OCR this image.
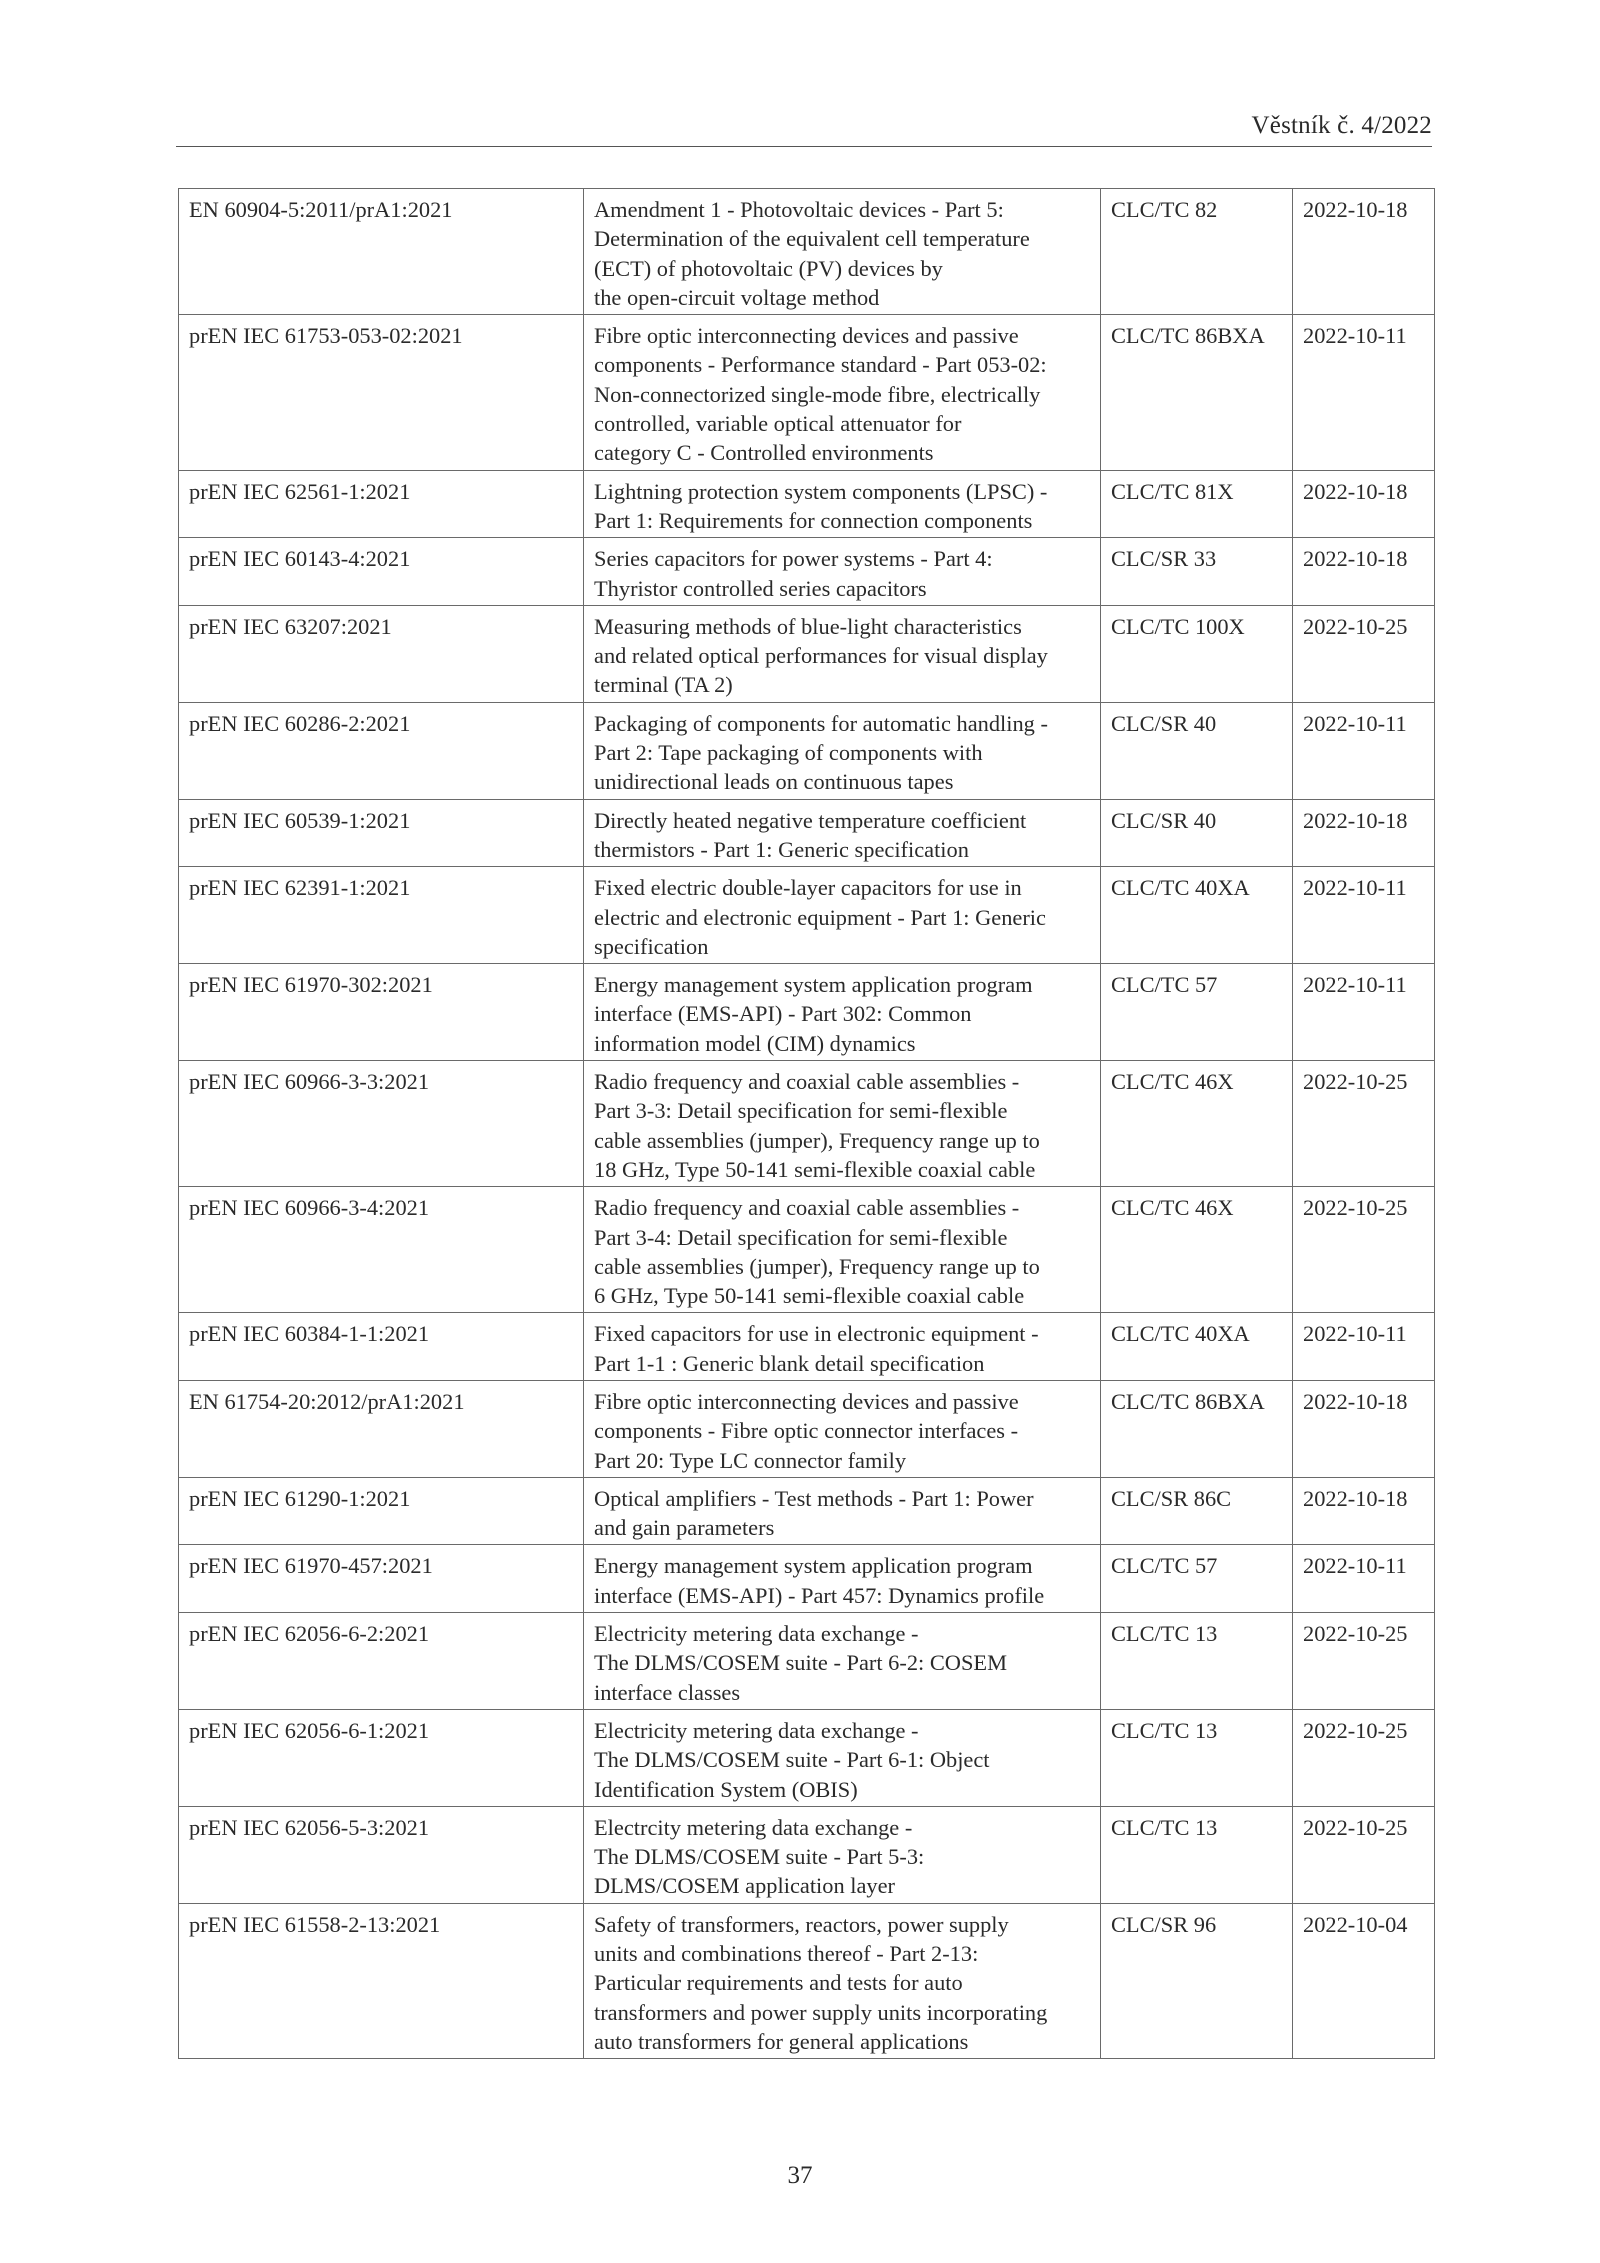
Věstník č. 4/2022
EN 60904-5:2011/prA1:2021	Amendment 1 - Photovoltaic devices - Part 5:
Determination of the equivalent cell temperature
(ECT) of photovoltaic (PV) devices by
the open-circuit voltage method	CLC/TC 82	2022-10-18
prEN IEC 61753-053-02:2021	Fibre optic interconnecting devices and passive
components - Performance standard - Part 053-02:
Non-connectorized single-mode fibre, electrically
controlled, variable optical attenuator for
category C - Controlled environments	CLC/TC 86BXA	2022-10-11
prEN IEC 62561-1:2021	Lightning protection system components (LPSC) -
Part 1: Requirements for connection components	CLC/TC 81X	2022-10-18
prEN IEC 60143-4:2021	Series capacitors for power systems - Part 4:
Thyristor controlled series capacitors	CLC/SR 33	2022-10-18
prEN IEC 63207:2021	Measuring methods of blue-light characteristics
and related optical performances for visual display
terminal (TA 2)	CLC/TC 100X	2022-10-25
prEN IEC 60286-2:2021	Packaging of components for automatic handling -
Part 2: Tape packaging of components with
unidirectional leads on continuous tapes	CLC/SR 40	2022-10-11
prEN IEC 60539-1:2021	Directly heated negative temperature coefficient
thermistors - Part 1: Generic specification	CLC/SR 40	2022-10-18
prEN IEC 62391-1:2021	Fixed electric double-layer capacitors for use in
electric and electronic equipment - Part 1: Generic
specification	CLC/TC 40XA	2022-10-11
prEN IEC 61970-302:2021	Energy management system application program
interface (EMS-API) - Part 302: Common
information model (CIM) dynamics	CLC/TC 57	2022-10-11
prEN IEC 60966-3-3:2021	Radio frequency and coaxial cable assemblies -
Part 3-3: Detail specification for semi-flexible
cable assemblies (jumper), Frequency range up to
18 GHz, Type 50-141 semi-flexible coaxial cable	CLC/TC 46X	2022-10-25
prEN IEC 60966-3-4:2021	Radio frequency and coaxial cable assemblies -
Part 3-4: Detail specification for semi-flexible
cable assemblies (jumper), Frequency range up to
6 GHz, Type 50-141 semi-flexible coaxial cable	CLC/TC 46X	2022-10-25
prEN IEC 60384-1-1:2021	Fixed capacitors for use in electronic equipment -
Part 1-1 : Generic blank detail specification	CLC/TC 40XA	2022-10-11
EN 61754-20:2012/prA1:2021	Fibre optic interconnecting devices and passive
components - Fibre optic connector interfaces -
Part 20: Type LC connector family	CLC/TC 86BXA	2022-10-18
prEN IEC 61290-1:2021	Optical amplifiers - Test methods - Part 1: Power
and gain parameters	CLC/SR 86C	2022-10-18
prEN IEC 61970-457:2021	Energy management system application program
interface (EMS-API) - Part 457: Dynamics profile	CLC/TC 57	2022-10-11
prEN IEC 62056-6-2:2021	Electricity metering data exchange -
The DLMS/COSEM suite - Part 6-2: COSEM
interface classes	CLC/TC 13	2022-10-25
prEN IEC 62056-6-1:2021	Electricity metering data exchange -
The DLMS/COSEM suite - Part 6-1: Object
Identification System (OBIS)	CLC/TC 13	2022-10-25
prEN IEC 62056-5-3:2021	Electrcity metering data exchange -
The DLMS/COSEM suite - Part 5-3:
DLMS/COSEM application layer	CLC/TC 13	2022-10-25
prEN IEC 61558-2-13:2021	Safety of transformers, reactors, power supply
units and combinations thereof - Part 2-13:
Particular requirements and tests for auto
transformers and power supply units incorporating
auto transformers for general applications	CLC/SR 96	2022-10-04
37
